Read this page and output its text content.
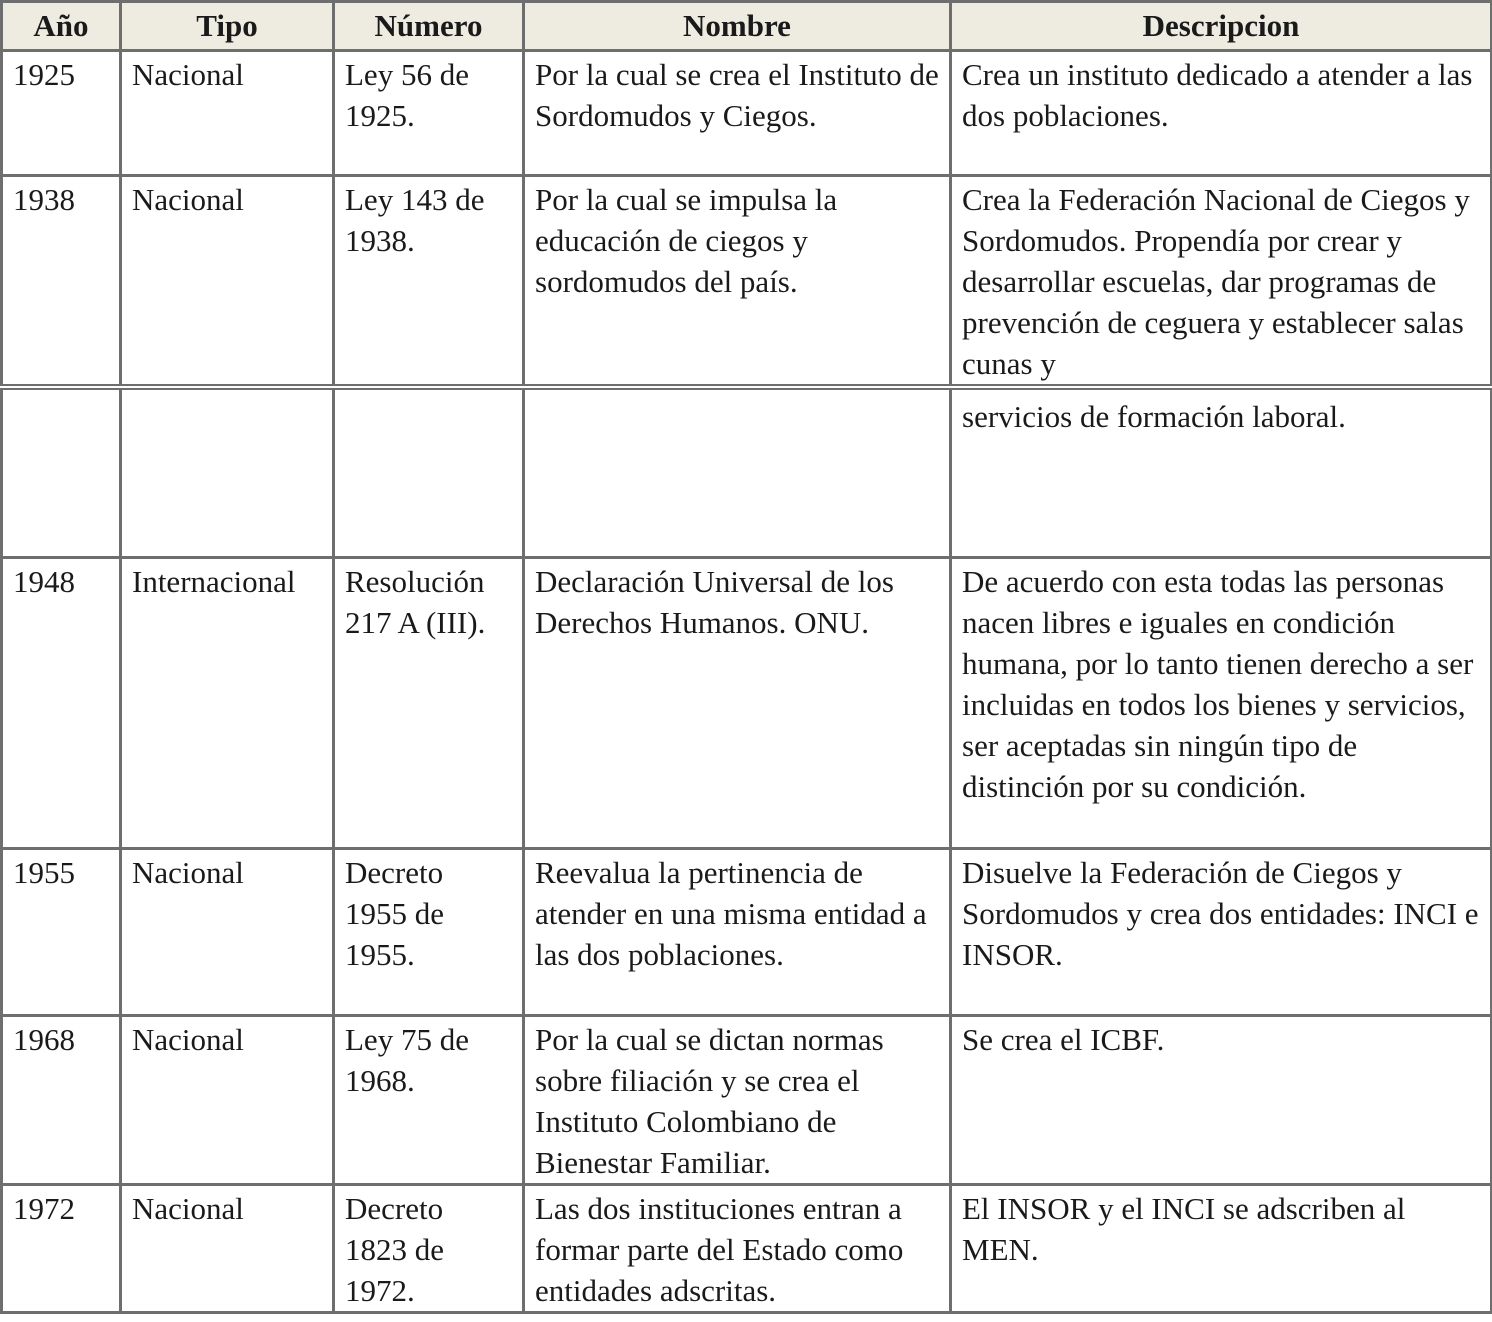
Año	Tipo	Número	Nombre	Descripcion
1925	Nacional	Ley 56 de 1925.	Por la cual se crea el Instituto de Sordomudos y Ciegos.	Crea un instituto dedicado a atender a las dos poblaciones.
1938	Nacional	Ley 143 de 1938.	Por la cual se impulsa la educación de ciegos y sordomudos del país.	Crea la Federación Nacional de Ciegos y Sordomudos. Propendía por crear y desarrollar escuelas, dar programas de prevención de ceguera y establecer salas cunas y
				servicios de formación laboral.
1948	Internacional	Resolución 217 A (III).	Declaración Universal de los Derechos Humanos. ONU.	De acuerdo con esta todas las personas nacen libres e iguales en condición humana, por lo tanto tienen derecho a ser incluidas en todos los bienes y servicios, ser aceptadas sin ningún tipo de distinción por su condición.
1955	Nacional	Decreto 1955 de 1955.	Reevalua la pertinencia de atender en una misma entidad a las dos poblaciones.	Disuelve la Federación de Ciegos y Sordomudos y crea dos entidades: INCI e INSOR.
1968	Nacional	Ley 75 de 1968.	Por la cual se dictan normas sobre filiación y se crea el Instituto Colombiano de Bienestar Familiar.	Se crea el ICBF.
1972	Nacional	Decreto 1823 de 1972.	Las dos instituciones entran a formar parte del Estado como entidades adscritas.	El INSOR y el INCI se adscriben al MEN.
